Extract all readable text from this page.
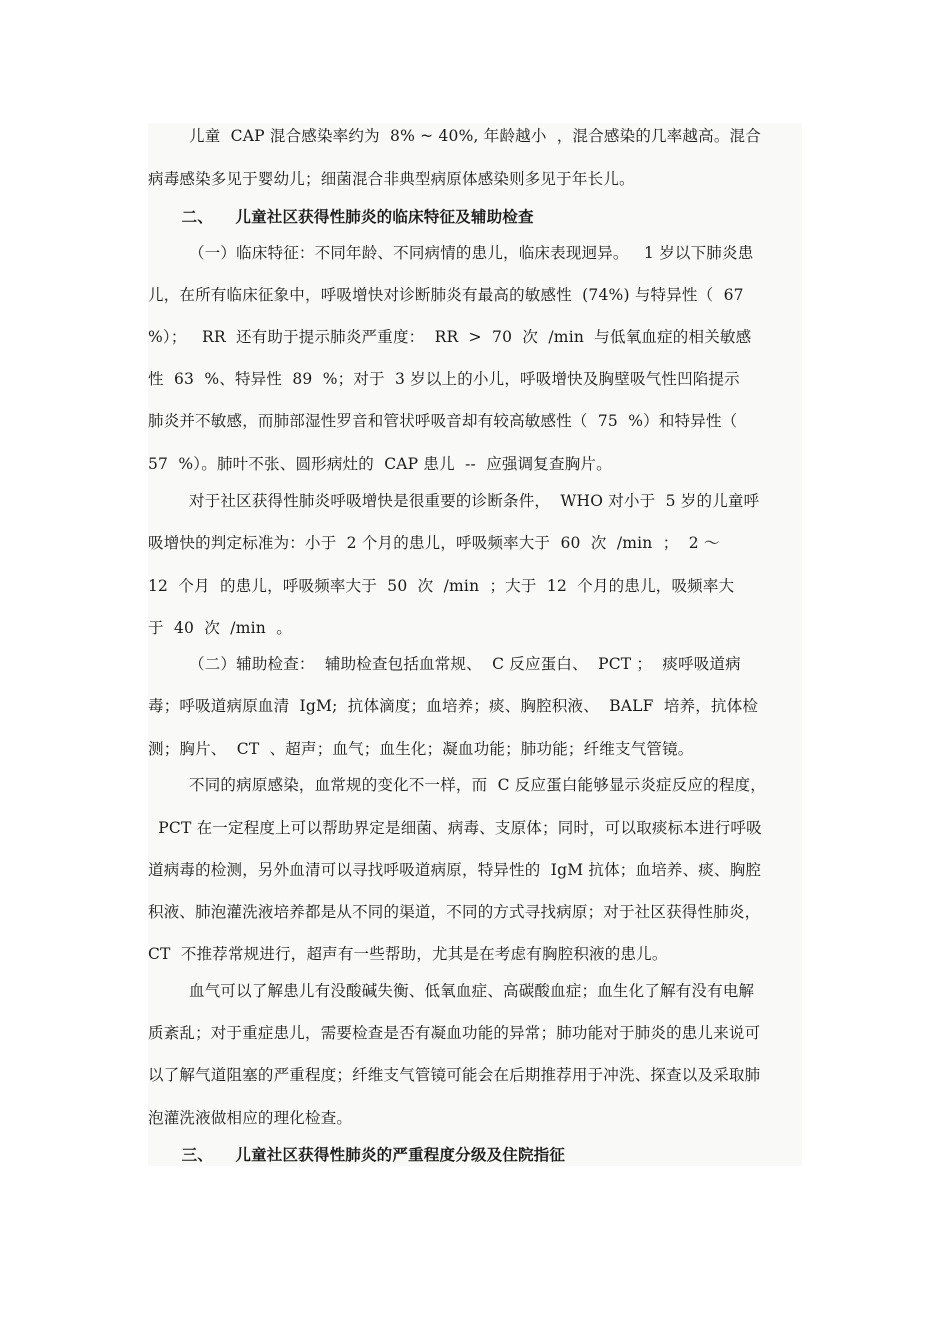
儿童  CAP 混合感染率约为  8% ~ 40%, 年龄越小  ，混合感染的几率越高。混合
病毒感染多见于婴幼儿；细菌混合非典型病原体感染则多见于年长儿。
二、    儿童社区获得性肺炎的临床特征及辅助检查
（一）临床特征：不同年龄、不同病情的患儿，临床表现迥异。   1 岁以下肺炎患
儿，在所有临床征象中，呼吸增快对诊断肺炎有最高的敏感性  (74%) 与特异性（  67
%）；   RR  还有助于提示肺炎严重度：  RR  >  70  次  /min  与低氧血症的相关敏感
性  63  %、特异性  89  %；对于  3 岁以上的小儿，呼吸增快及胸壁吸气性凹陷提示
肺炎并不敏感，而肺部湿性罗音和管状呼吸音却有较高敏感性（  75  %）和特异性（
57  %）。肺叶不张、圆形病灶的  CAP 患儿  --  应强调复查胸片。
对于社区获得性肺炎呼吸增快是很重要的诊断条件，  WHO 对小于  5 岁的儿童呼
吸增快的判定标准为：小于  2 个月的患儿，呼吸频率大于  60  次  /min  ；  2 ～
12  个月  的患儿，呼吸频率大于  50  次  /min  ；大于  12  个月的患儿，吸频率大
于  40  次  /min  。
（二）辅助检查：  辅助检查包括血常规、  C 反应蛋白、  PCT ；  痰呼吸道病
毒；呼吸道病原血清  IgM;  抗体滴度；血培养；痰、胸腔积液、  BALF  培养，抗体检
测；胸片、  CT  、超声；血气；血生化；凝血功能；肺功能；纤维支气管镜。
不同的病原感染，血常规的变化不一样，而  C 反应蛋白能够显示炎症反应的程度，
PCT 在一定程度上可以帮助界定是细菌、病毒、支原体；同时，可以取痰标本进行呼吸
道病毒的检测，另外血清可以寻找呼吸道病原，特异性的  IgM 抗体；血培养、痰、胸腔
积液、肺泡灌洗液培养都是从不同的渠道，不同的方式寻找病原；对于社区获得性肺炎，
CT  不推荐常规进行，超声有一些帮助，尤其是在考虑有胸腔积液的患儿。
血气可以了解患儿有没酸碱失衡、低氧血症、高碳酸血症；血生化了解有没有电解
质紊乱；对于重症患儿，需要检查是否有凝血功能的异常；肺功能对于肺炎的患儿来说可
以了解气道阻塞的严重程度；纤维支气管镜可能会在后期推荐用于冲洗、探查以及采取肺
泡灌洗液做相应的理化检查。
三、    儿童社区获得性肺炎的严重程度分级及住院指征
